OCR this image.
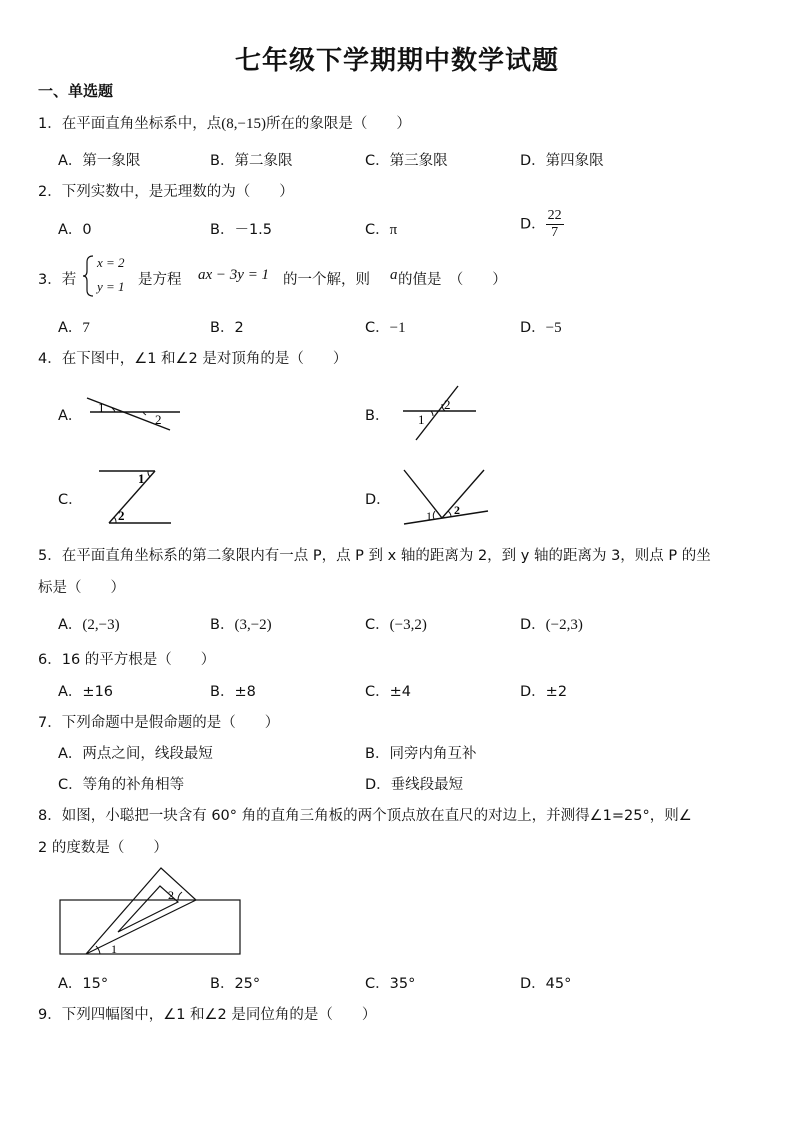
七年级下学期期中数学试题
一、单选题
1．在平面直角坐标系中，点(8,−15)所在的象限是（　　）
A．第一象限	B．第二象限	C．第三象限	D．第四象限
2．下列实数中，是无理数的为（　　）
A．0	B．－1.5	C．π	D． $\frac{22}{7}$
3．若
x = 2
y = 1 是方程 ax − 3y = 1 的一个解，则 a 的值是　（　　）
A．7	B．2	C．−1	D．−5
4．在下图中，∠1 和∠2 是对顶角的是（　　）
A．
1
2	B． 1
2
C．
1
2
D．
1 2
5．在平面直角坐标系的第二象限内有一点 P，点 P 到 x 轴的距离为 2，到 y 轴的距离为 3，则点 P 的坐
标是（　　）
A．(2,−3)	B．(3,−2)	C．(−3,2)	D．(−2,3)
6．16 的平方根是（　　）
A．±16	B．±8	C．±4	D．±2
7．下列命题中是假命题的是（　　）
A．两点之间，线段最短	B．同旁内角互补
C．等角的补角相等	D．垂线段最短
8．如图，小聪把一块含有 60° 角的直角三角板的两个顶点放在直尺的对边上，并测得∠1=25°，则∠
2 的度数是（　　）
2
1
A．15°	B．25°	C．35°	D．45°
9．下列四幅图中，∠1 和∠2 是同位角的是（　　）
